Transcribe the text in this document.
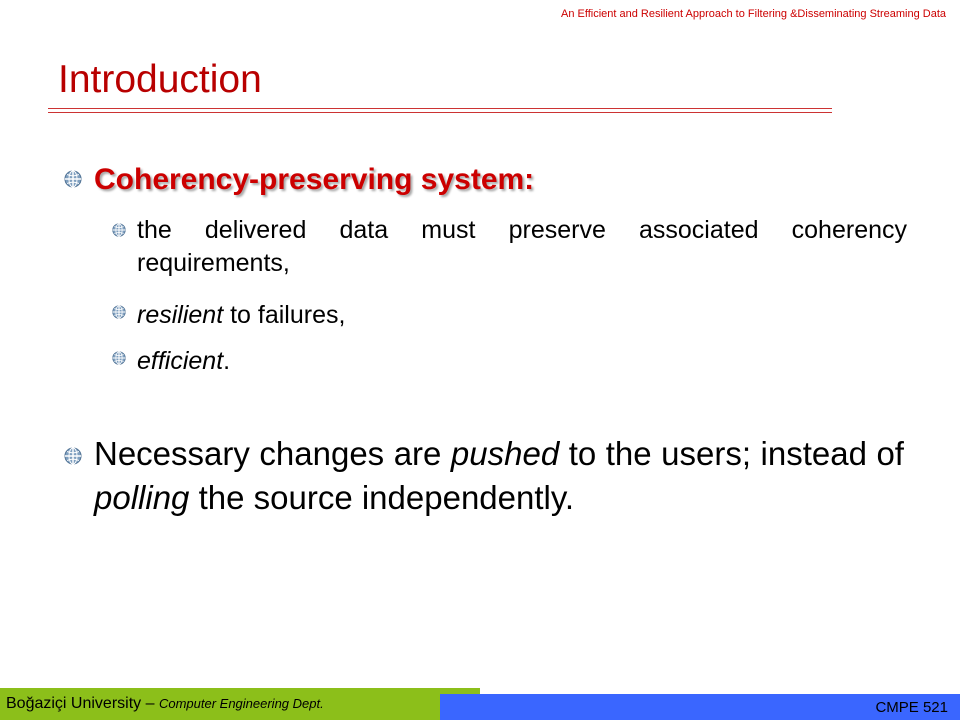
An Efficient and Resilient Approach to Filtering &Disseminating Streaming Data
Introduction
Coherency-preserving system:
the delivered data must preserve associated coherency requirements,
resilient to failures,
efficient.
Necessary changes are pushed to the users; instead of polling the source independently.
Boğaziçi University – Computer Engineering Dept.	CMPE 521
